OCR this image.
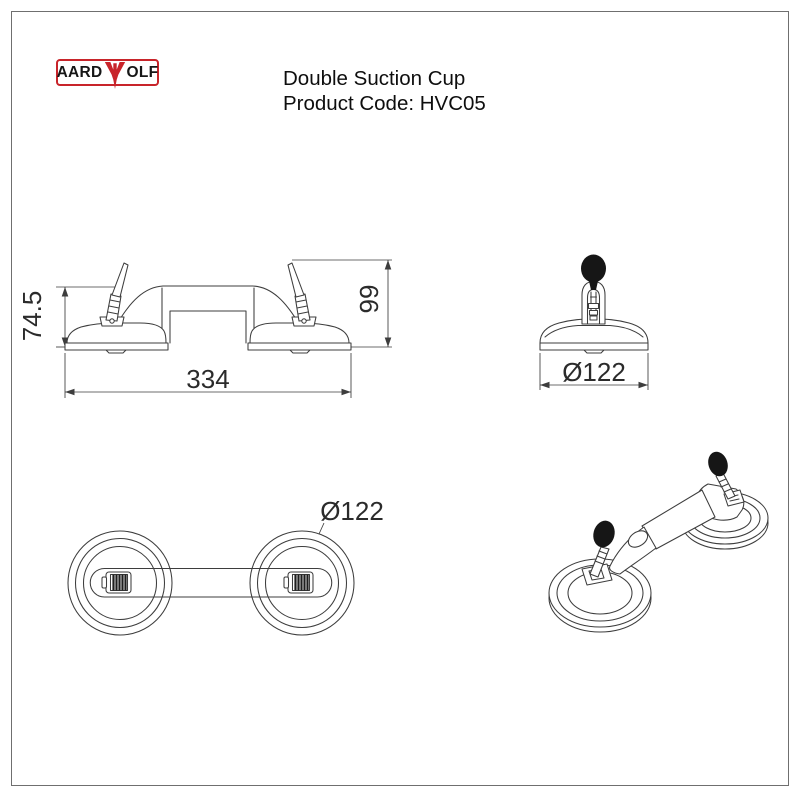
AARD OLF	Double Suction Cup
Product Code: HVC05
74.5	99
334	Ø122
Ø122
